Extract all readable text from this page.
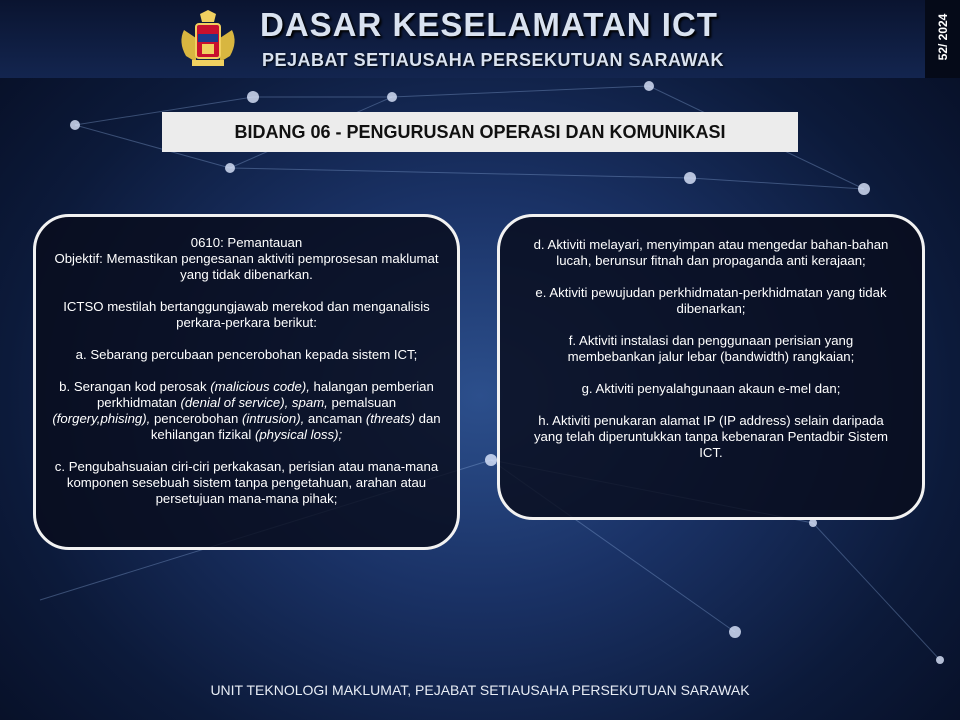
DASAR KESELAMATAN ICT
PEJABAT SETIAUSAHA PERSEKUTUAN SARAWAK	52/ 2024
BIDANG 06 - PENGURUSAN OPERASI DAN KOMUNIKASI

0610: Pemantauan

Objektif: Memastikan pengesanan aktiviti pemprosesan maklumat yang tidak dibenarkan.

ICTSO mestilah bertanggungjawab merekod dan menganalisis perkara-perkara berikut:

a. Sebarang percubaan pencerobohan kepada sistem ICT;

b. Serangan kod perosak (malicious code), halangan pemberian perkhidmatan (denial of service), spam, pemalsuan (forgery,phising), pencerobohan (intrusion), ancaman (threats) dan kehilangan fizikal (physical loss);

c. Pengubahsuaian ciri-ciri perkakasan, perisian atau mana-mana komponen sesebuah sistem tanpa pengetahuan, arahan atau persetujuan mana-mana pihak;

d. Aktiviti melayari, menyimpan atau mengedar bahan-bahan lucah, berunsur fitnah dan propaganda anti kerajaan;

e. Aktiviti pewujudan perkhidmatan-perkhidmatan yang tidak dibenarkan;

f. Aktiviti instalasi dan penggunaan perisian yang membebankan jalur lebar (bandwidth) rangkaian;

g. Aktiviti penyalahgunaan akaun e-mel dan;

h. Aktiviti penukaran alamat IP (IP address) selain daripada yang telah diperuntukkan tanpa kebenaran Pentadbir Sistem ICT.

UNIT TEKNOLOGI MAKLUMAT, PEJABAT SETIAUSAHA PERSEKUTUAN SARAWAK
